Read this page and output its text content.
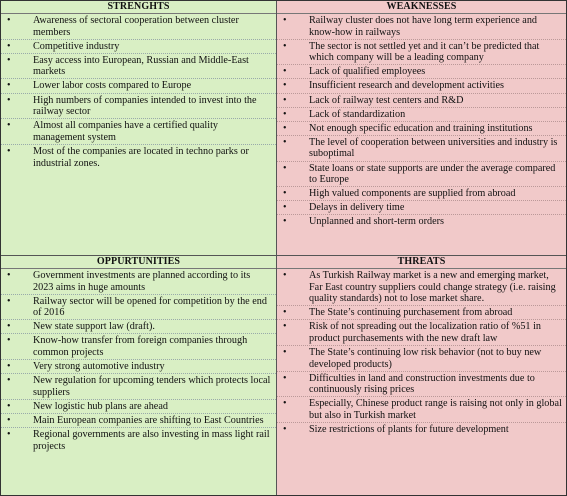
STRENGHTS
• Awareness of sectoral cooperation between cluster members
• Competitive industry
• Easy access into European, Russian and Middle-East markets
• Lower labor costs compared to Europe
• High numbers of companies intended to invest into the railway sector
• Almost all companies have a certified quality management system
• Most of the companies are located in techno parks or industrial zones.
WEAKNESSES
• Railway cluster does not have long term experience and know-how in railways
• The sector is not settled yet and it can’t be predicted that which company will be a leading company
• Lack of qualified employees
• Insufficient research and development activities
• Lack of railway test centers and R&D
• Lack of standardization
• Not enough specific education and training institutions
• The level of cooperation between universities and industry is suboptimal
• State loans or state supports are under the average compared to Europe
• High valued components are supplied from abroad
• Delays in delivery time
• Unplanned and short-term orders
OPPURTUNITIES
• Government investments are planned according to its 2023 aims in huge amounts
• Railway sector will be opened for competition by the end of 2016
• New state support law (draft).
• Know-how transfer from foreign companies through common projects
• Very strong automotive industry
• New regulation for upcoming tenders which protects local suppliers
• New logistic hub plans are ahead
• Main European companies are shifting to East Countries
• Regional governments are also investing in mass light rail projects
THREATS
• As Turkish Railway market is a new and emerging market, Far East country suppliers could change strategy (i.e. raising quality standards) not to lose market share.
• The State’s continuing purchasement from abroad
• Risk of not spreading out the localization ratio of %51 in product purchasements with the new draft law
• The State’s continuing low risk behavior (not to buy new developed products)
• Difficulties in land and construction investments due to continuously rising prices
• Especially, Chinese product range is raising not only in global but also in Turkish market
• Size restrictions of plants for future development
